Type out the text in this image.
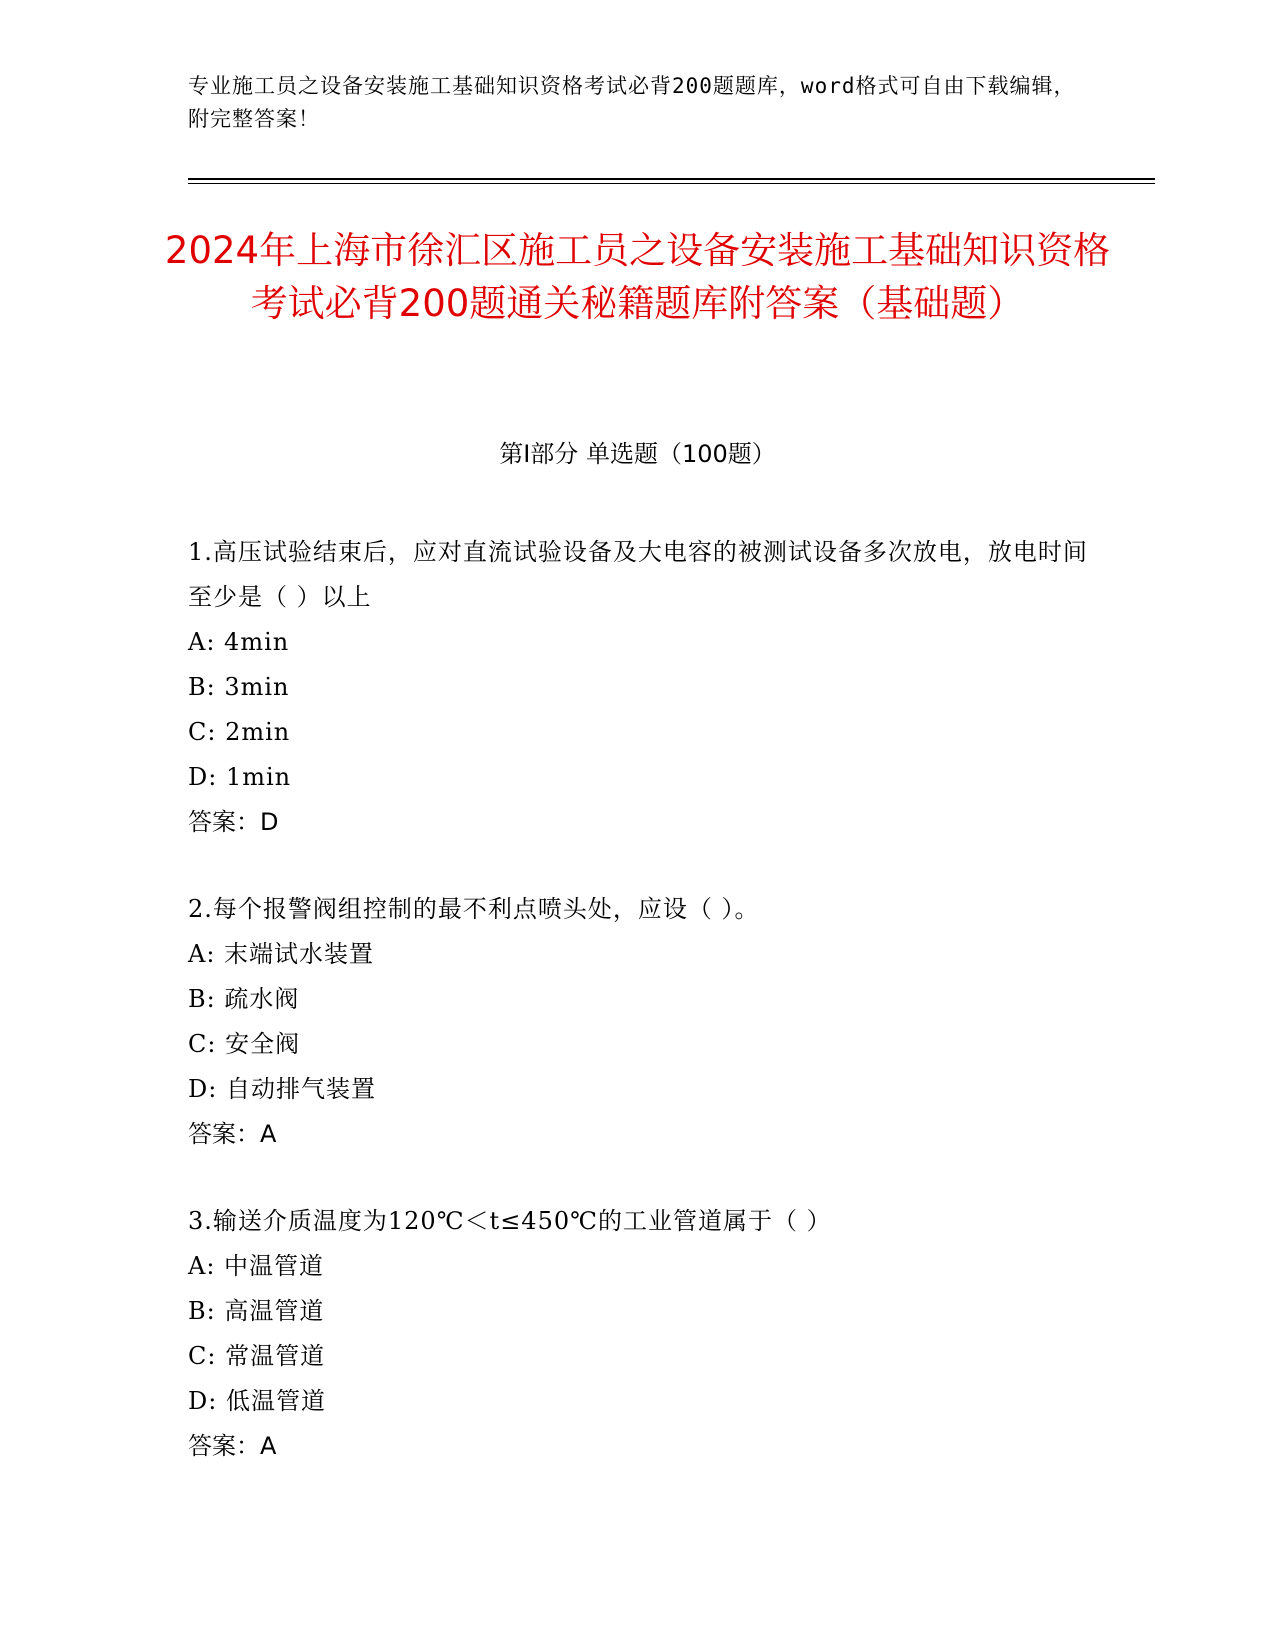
专业施工员之设备安装施工基础知识资格考试必背200题题库，word格式可自由下载编辑，附完整答案！
2024年上海市徐汇区施工员之设备安装施工基础知识资格考试必背200题通关秘籍题库附答案（基础题）
第Ⅰ部分 单选题（100题）
1.高压试验结束后，应对直流试验设备及大电容的被测试设备多次放电，放电时间至少是（ ）以上
A: 4min
B: 3min
C: 2min
D: 1min
答案：D
2.每个报警阀组控制的最不利点喷头处，应设（ ）。
A: 末端试水装置
B: 疏水阀
C: 安全阀
D: 自动排气装置
答案：A
3.输送介质温度为120℃＜t≤450℃的工业管道属于（ ）
A: 中温管道
B: 高温管道
C: 常温管道
D: 低温管道
答案：A
